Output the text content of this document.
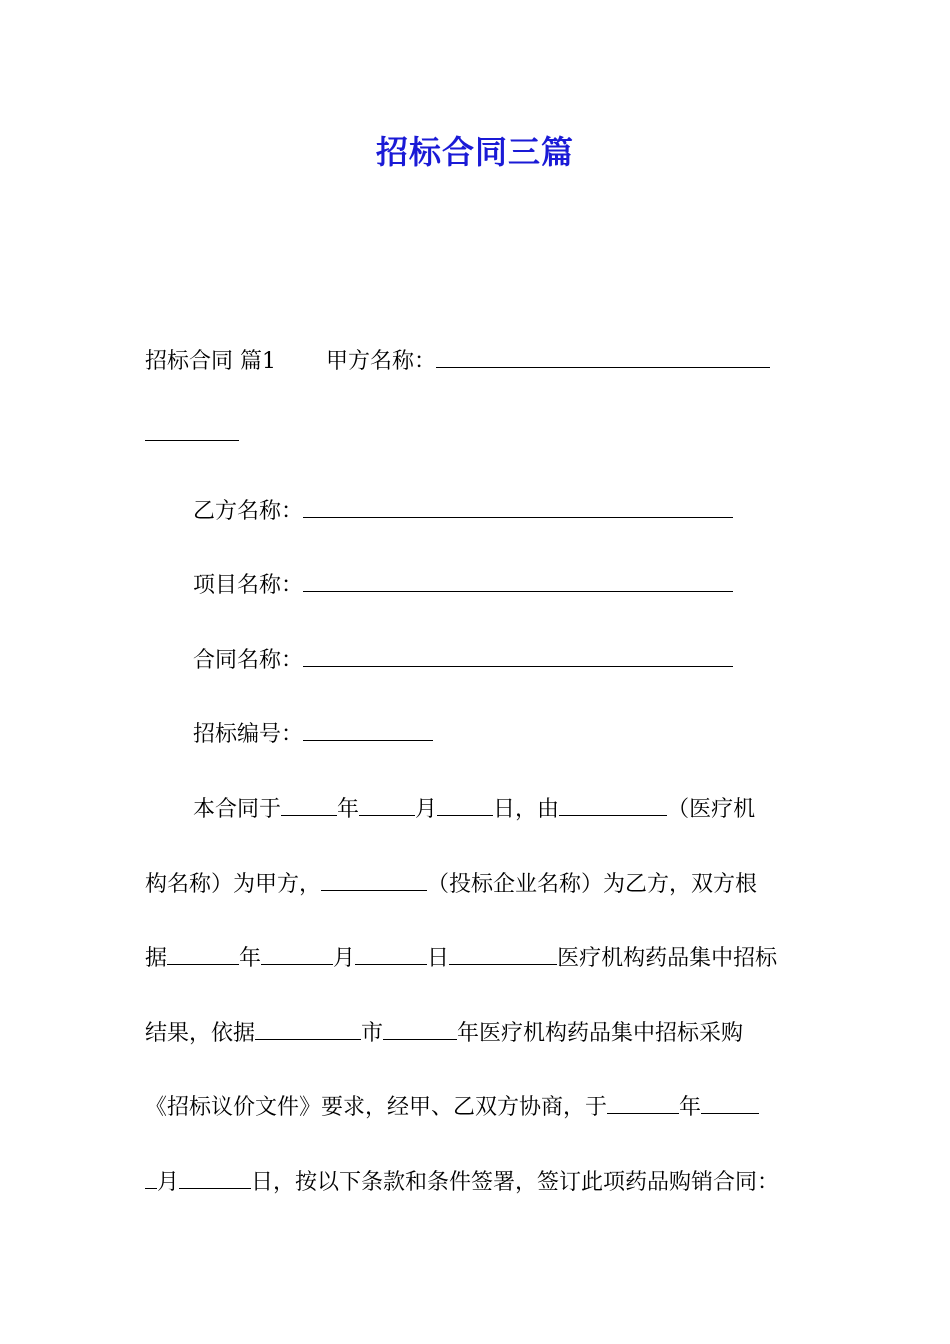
招标合同三篇
招标合同 篇1 甲方名称：
乙方名称：
项目名称：
合同名称：
招标编号：
本合同于	年	月	日，由	（医疗机
构名称）为甲方，	（投标企业名称）为乙方，双方根
据	年	月	日	医疗机构药品集中招标
结果，依据	市	年医疗机构药品集中招标采购
《招标议价文件》要求，经甲、乙双方协商，于	年
月	日，按以下条款和条件签署，签订此项药品购销合同：
